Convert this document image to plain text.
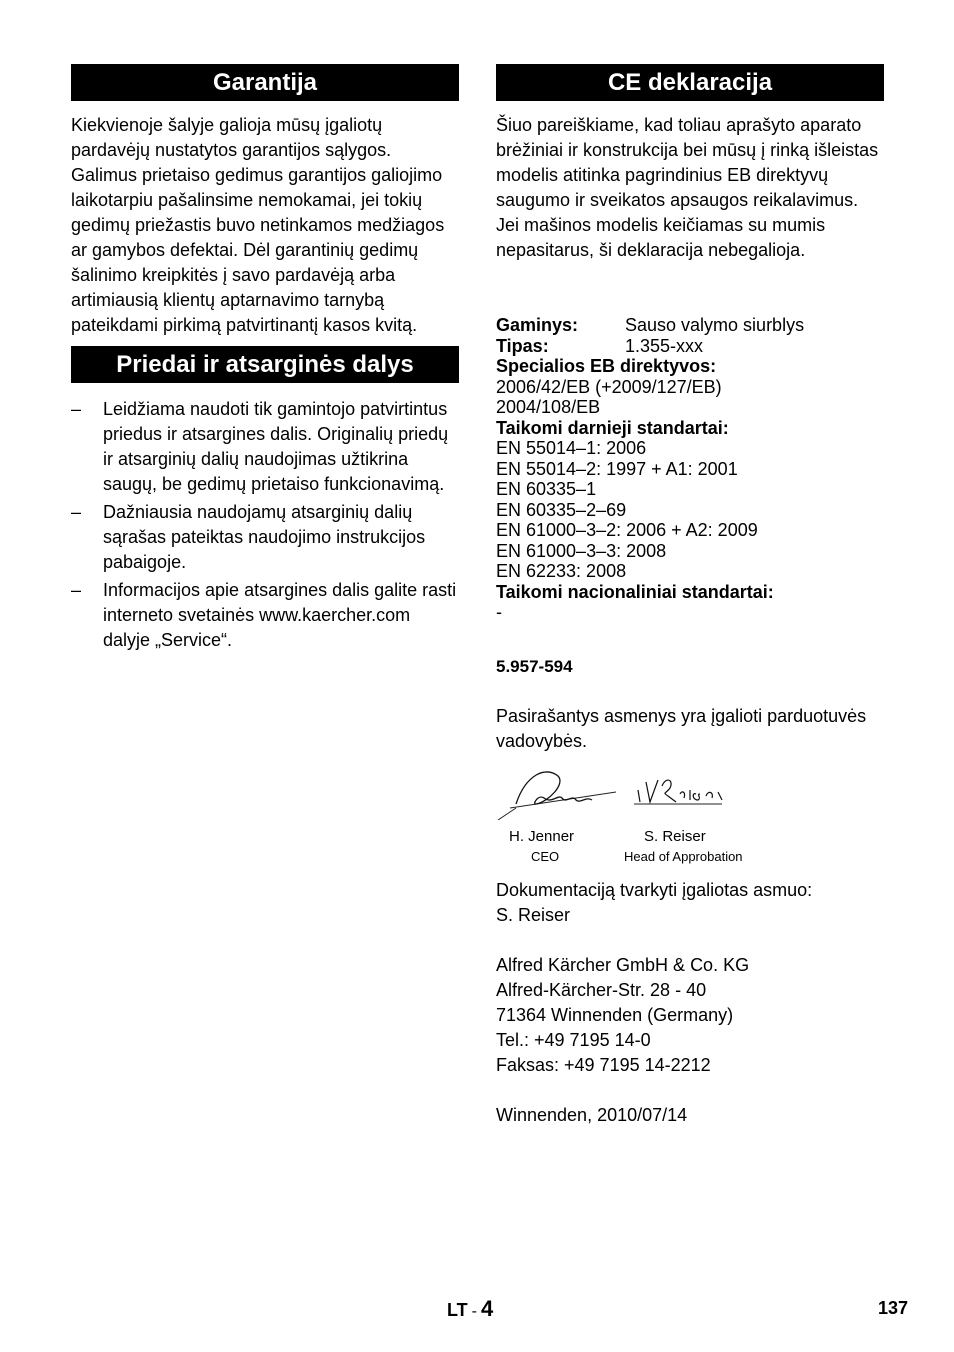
Garantija

Kiekvienoje šalyje galioja mūsų įgaliotų pardavėjų nustatytos garantijos sąlygos. Galimus prietaiso gedimus garantijos galiojimo laikotarpiu pašalinsime nemokamai, jei tokių gedimų priežastis buvo netinkamos medžiagos ar gamybos defektai. Dėl garantinių gedimų šalinimo kreipkitės į savo pardavėją arba artimiausią klientų aptarnavimo tarnybą pateikdami pirkimą patvirtinantį kasos kvitą.

Priedai ir atsarginės dalys
–	Leidžiama naudoti tik gamintojo patvirtintus priedus ir atsargines dalis. Originalių priedų ir atsarginių dalių naudojimas užtikrina saugų, be gedimų prietaiso funkcionavimą.
–	Dažniausia naudojamų atsarginių dalių sąrašas pateiktas naudojimo instrukcijos pabaigoje.
–	Informacijos apie atsargines dalis galite rasti interneto svetainės www.kaercher.com dalyje „Service“.
CE deklaracija

Šiuo pareiškiame, kad toliau aprašyto aparato brėžiniai ir konstrukcija bei mūsų į rinką išleistas modelis atitinka pagrindinius EB direktyvų saugumo ir sveikatos apsaugos reikalavimus. Jei mašinos modelis keičiamas su mumis nepasitarus, ši deklaracija nebegalioja.

Gaminys:	Sauso valymo siurblys
Tipas:	1.355-xxx
Specialios EB direktyvos:
2006/42/EB (+2009/127/EB)
2004/108/EB
Taikomi darnieji standartai:
EN 55014–1: 2006
EN 55014–2: 1997 + A1: 2001
EN 60335–1
EN 60335–2–69
EN 61000–3–2: 2006 + A2: 2009
EN 61000–3–3: 2008
EN 62233: 2008
Taikomi nacionaliniai standartai:
-

5.957-594

Pasirašantys asmenys yra įgalioti parduotuvės vadovybės.

H. Jenner	S. Reiser
CEO	Head of Approbation

Dokumentaciją tvarkyti įgaliotas asmuo:

S. Reiser

Alfred Kärcher GmbH & Co. KG

Alfred-Kärcher-Str. 28 - 40

71364 Winnenden (Germany)

Tel.: +49 7195 14-0

Faksas: +49 7195 14-2212

Winnenden, 2010/07/14

LT - 4	137
